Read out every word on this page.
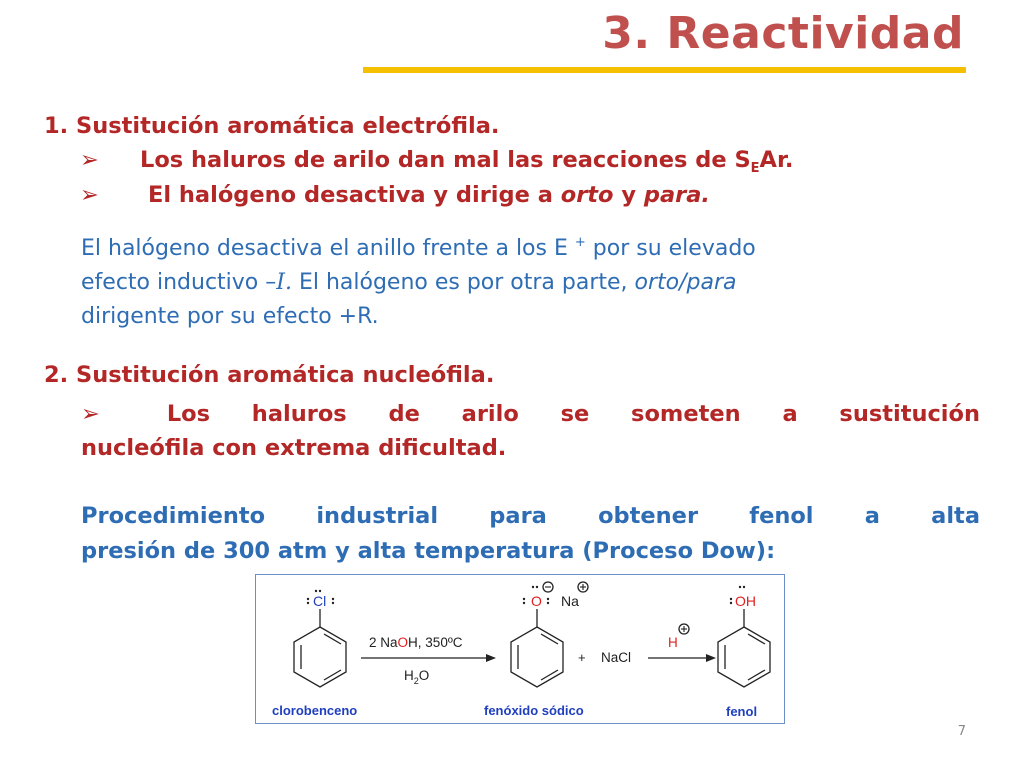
3. Reactividad
1. Sustitución aromática electrófila.
➢ Los haluros de arilo dan mal las reacciones de $S_EAr$.
➢ El halógeno desactiva y dirige a orto y para.
El halógeno desactiva el anillo frente a los E + por su elevado
efecto inductivo –I. El halógeno es por otra parte, orto/para
dirigente por su efecto +R.
2. Sustitución aromática nucleófila.
➢	Los haluros de arilo se someten a sustitución
nucleófila con extrema dificultad.
Procedimiento industrial para obtener fenol a alta
presión de 300 atm y alta temperatura (Proceso Dow):
Cl	O Na	OH
2 NaOH, 350ºC
$H_2O$
+ NaCl
H
clorobenceno	fenóxido sódico	fenol
7
